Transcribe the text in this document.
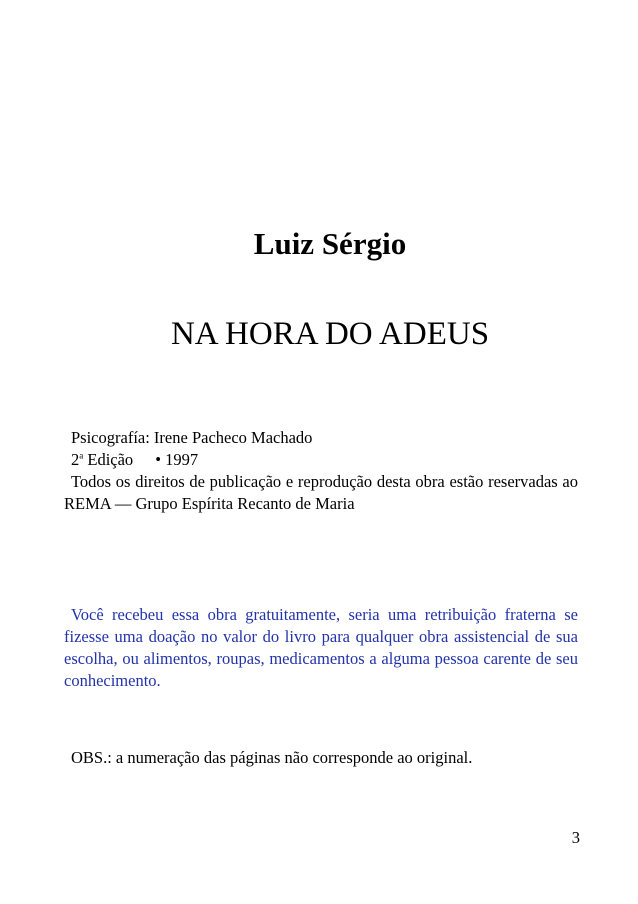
Luiz Sérgio
NA HORA DO ADEUS
Psicografía: Irene Pacheco Machado
2$^a$ Edição • 1997
Todos os direitos de publicação e reprodução desta obra estão reservadas ao REMA — Grupo Espírita Recanto de Maria
Você recebeu essa obra gratuitamente, seria uma retribuição fraterna se fizesse uma doação no valor do livro para qualquer obra assistencial de sua escolha, ou alimentos, roupas, medicamentos a alguma pessoa carente de seu conhecimento.
OBS.: a numeração das páginas não corresponde ao original.
3
